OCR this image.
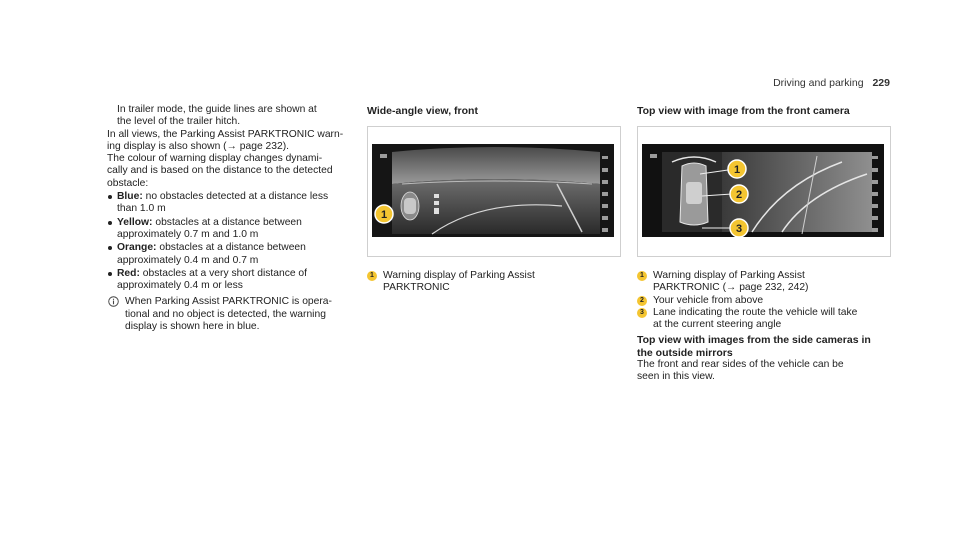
Driving and parking 229
In trailer mode, the guide lines are shown at
the level of the trailer hitch.
In all views, the Parking Assist PARKTRONIC warn-
ing display is also shown (→ page 232).
The colour of warning display changes dynami-
cally and is based on the distance to the detected
obstacle:
Blue: no obstacles detected at a distance less
than 1.0 m
Yellow: obstacles at a distance between
approximately 0.7 m and 1.0 m
Orange: obstacles at a distance between
approximately 0.4 m and 0.7 m
Red: obstacles at a very short distance of
approximately 0.4 m or less
When Parking Assist PARKTRONIC is opera-
tional and no object is detected, the warning
display is shown here in blue.
Wide-angle view, front
1
1 Warning display of Parking Assist
PARKTRONIC
Top view with image from the front camera
1
2
3
1 Warning display of Parking Assist
PARKTRONIC (→ page 232, 242)
2 Your vehicle from above
3 Lane indicating the route the vehicle will take
at the current steering angle
Top view with images from the side cameras in
the outside mirrors
The front and rear sides of the vehicle can be
seen in this view.
